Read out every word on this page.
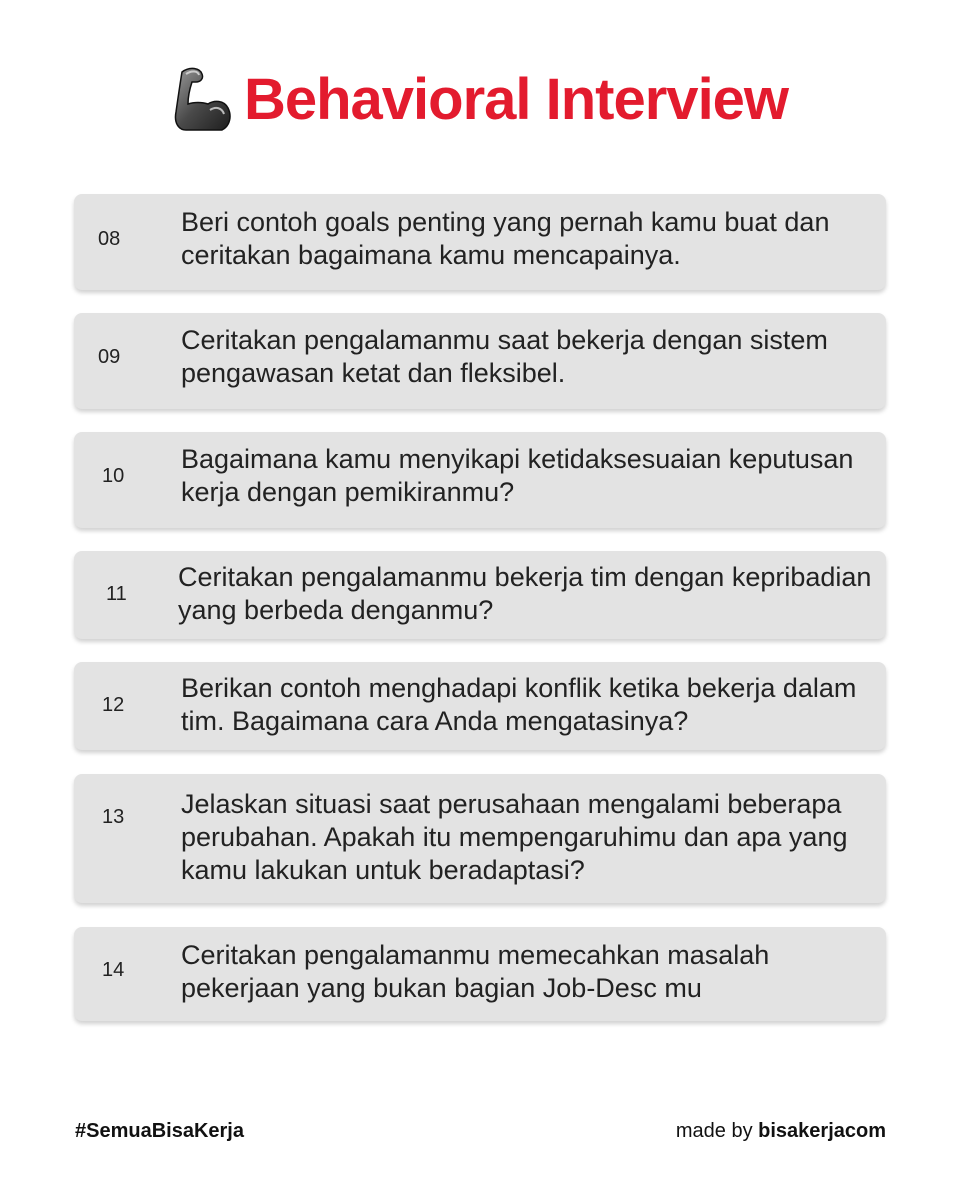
Behavioral Interview
08
Beri contoh goals penting yang pernah kamu buat dan ceritakan bagaimana kamu mencapainya.
09
Ceritakan pengalamanmu saat bekerja dengan sistem pengawasan ketat dan fleksibel.
10
Bagaimana kamu menyikapi ketidaksesuaian keputusan kerja dengan pemikiranmu?
11
Ceritakan pengalamanmu bekerja tim dengan kepribadian yang berbeda denganmu?
12
Berikan contoh menghadapi konflik ketika bekerja dalam tim. Bagaimana cara Anda mengatasinya?
13	Jelaskan situasi saat perusahaan mengalami beberapa perubahan. Apakah itu mempengaruhimu dan apa yang kamu lakukan untuk beradaptasi?
14	Ceritakan pengalamanmu memecahkan masalah pekerjaan yang bukan bagian Job-Desc mu
#SemuaBisaKerja	made by bisakerjacom
